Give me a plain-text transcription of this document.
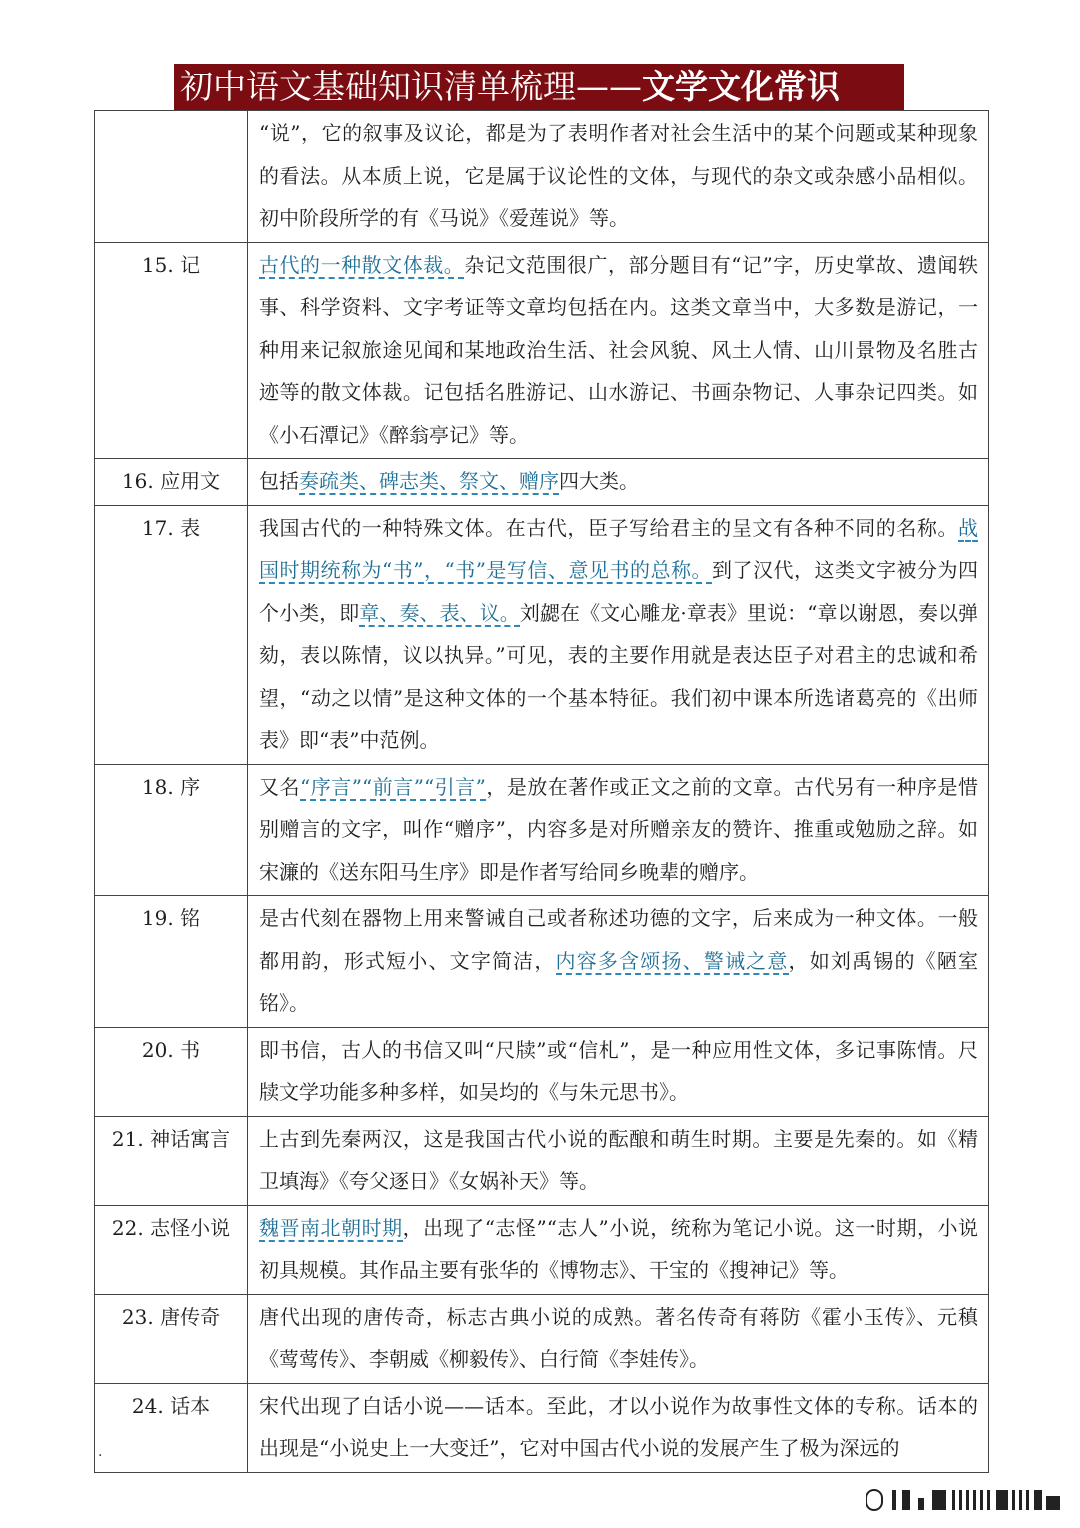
初中语文基础知识清单梳理——文学文化常识
	“说”，它的叙事及议论，都是为了表明作者对社会生活中的某个问题或某种现象的看法。从本质上说，它是属于议论性的文体，与现代的杂文或杂感小品相似。初中阶段所学的有《马说》《爱莲说》等。
15. 记	古代的一种散文体裁。杂记文范围很广，部分题目有“记”字，历史掌故、遗闻轶事、科学资料、文字考证等文章均包括在内。这类文章当中，大多数是游记，一种用来记叙旅途见闻和某地政治生活、社会风貌、风土人情、山川景物及名胜古迹等的散文体裁。记包括名胜游记、山水游记、书画杂物记、人事杂记四类。如《小石潭记》《醉翁亭记》等。
16. 应用文	包括奏疏类、碑志类、祭文、赠序四大类。
17. 表	我国古代的一种特殊文体。在古代，臣子写给君主的呈文有各种不同的名称。战国时期统称为“书”，“书”是写信、意见书的总称。到了汉代，这类文字被分为四个小类，即章、奏、表、议。刘勰在《文心雕龙·章表》里说：“章以谢恩，奏以弹劾，表以陈情，议以执异。”可见，表的主要作用就是表达臣子对君主的忠诚和希望，“动之以情”是这种文体的一个基本特征。我们初中课本所选诸葛亮的《出师表》即“表”中范例。
18. 序	又名“序言”“前言”“引言”，是放在著作或正文之前的文章。古代另有一种序是惜别赠言的文字，叫作“赠序”，内容多是对所赠亲友的赞许、推重或勉励之辞。如宋濂的《送东阳马生序》即是作者写给同乡晚辈的赠序。
19. 铭	是古代刻在器物上用来警诫自己或者称述功德的文字，后来成为一种文体。一般都用韵，形式短小、文字简洁，内容多含颂扬、警诫之意，如刘禹锡的《陋室铭》。
20. 书	即书信，古人的书信又叫“尺牍”或“信札”，是一种应用性文体，多记事陈情。尺牍文学功能多种多样，如吴均的《与朱元思书》。
21. 神话寓言	上古到先秦两汉，这是我国古代小说的酝酿和萌生时期。主要是先秦的。如《精卫填海》《夸父逐日》《女娲补天》等。
22. 志怪小说	魏晋南北朝时期，出现了“志怪”“志人”小说，统称为笔记小说。这一时期，小说初具规模。其作品主要有张华的《博物志》、干宝的《搜神记》等。
23. 唐传奇	唐代出现的唐传奇，标志古典小说的成熟。著名传奇有蒋防《霍小玉传》、元稹《莺莺传》、李朝威《柳毅传》、白行简《李娃传》。
24. 话本	宋代出现了白话小说——话本。至此，才以小说作为故事性文体的专称。话本的出现是“小说史上一大变迁”，它对中国古代小说的发展产生了极为深远的
.
